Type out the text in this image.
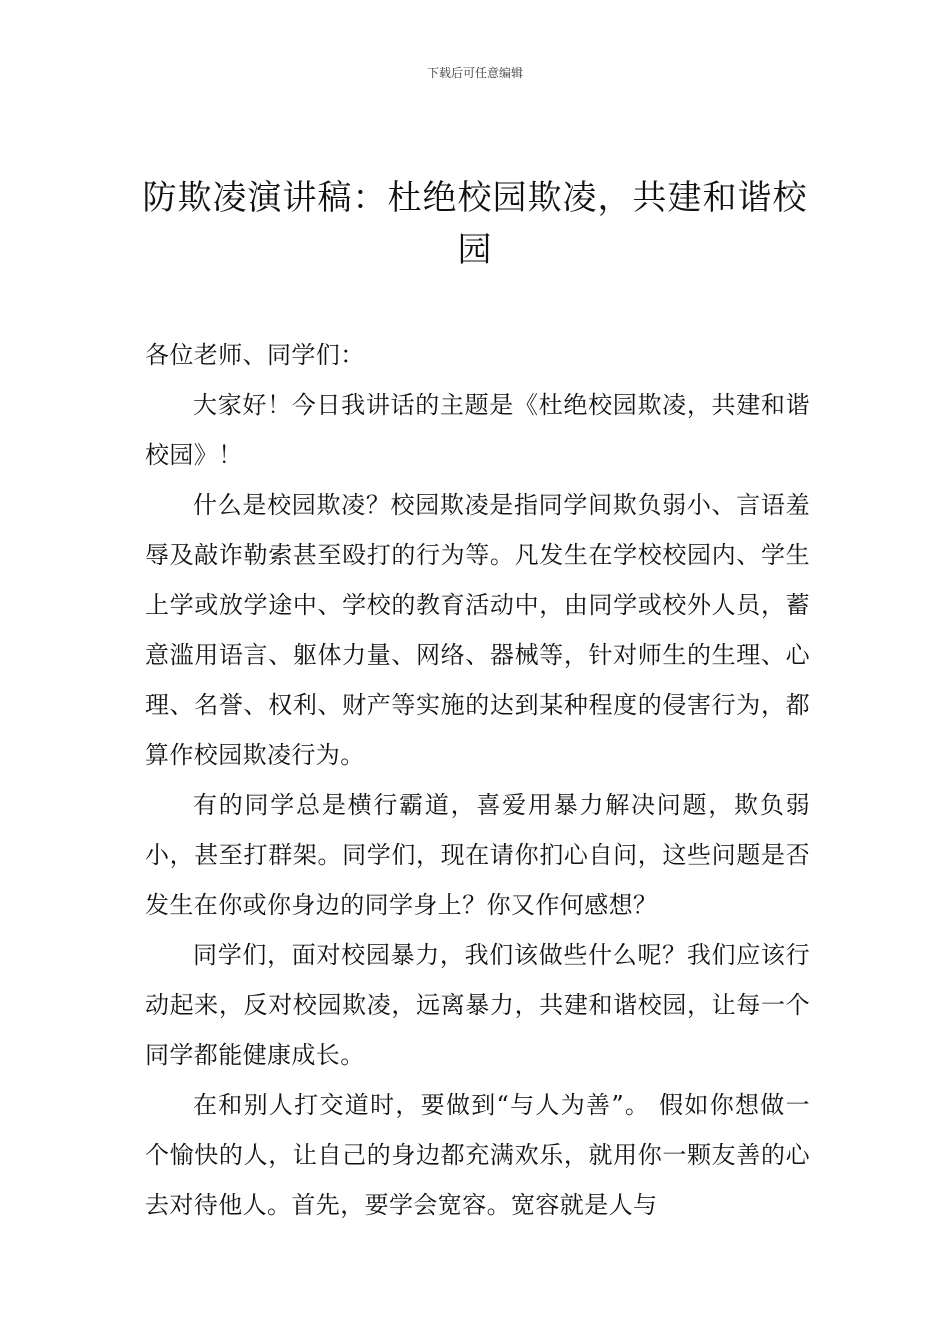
下载后可任意编辑
防欺凌演讲稿：杜绝校园欺凌，共建和谐校园

各位老师、同学们：

大家好！今日我讲话的主题是《杜绝校园欺凌，共建和谐校园》！

什么是校园欺凌？校园欺凌是指同学间欺负弱小、言语羞辱及敲诈勒索甚至殴打的行为等。凡发生在学校校园内、学生上学或放学途中、学校的教育活动中，由同学或校外人员，蓄意滥用语言、躯体力量、网络、器械等，针对师生的生理、心理、名誉、权利、财产等实施的达到某种程度的侵害行为，都算作校园欺凌行为。

有的同学总是横行霸道，喜爱用暴力解决问题，欺负弱小，甚至打群架。同学们，现在请你扪心自问，这些问题是否发生在你或你身边的同学身上？你又作何感想？

同学们，面对校园暴力，我们该做些什么呢？我们应该行动起来，反对校园欺凌，远离暴力，共建和谐校园，让每一个同学都能健康成长。

在和别人打交道时，要做到“与人为善”。 假如你想做一个愉快的人，让自己的身边都充满欢乐，就用你一颗友善的心去对待他人。首先，要学会宽容。宽容就是人与
